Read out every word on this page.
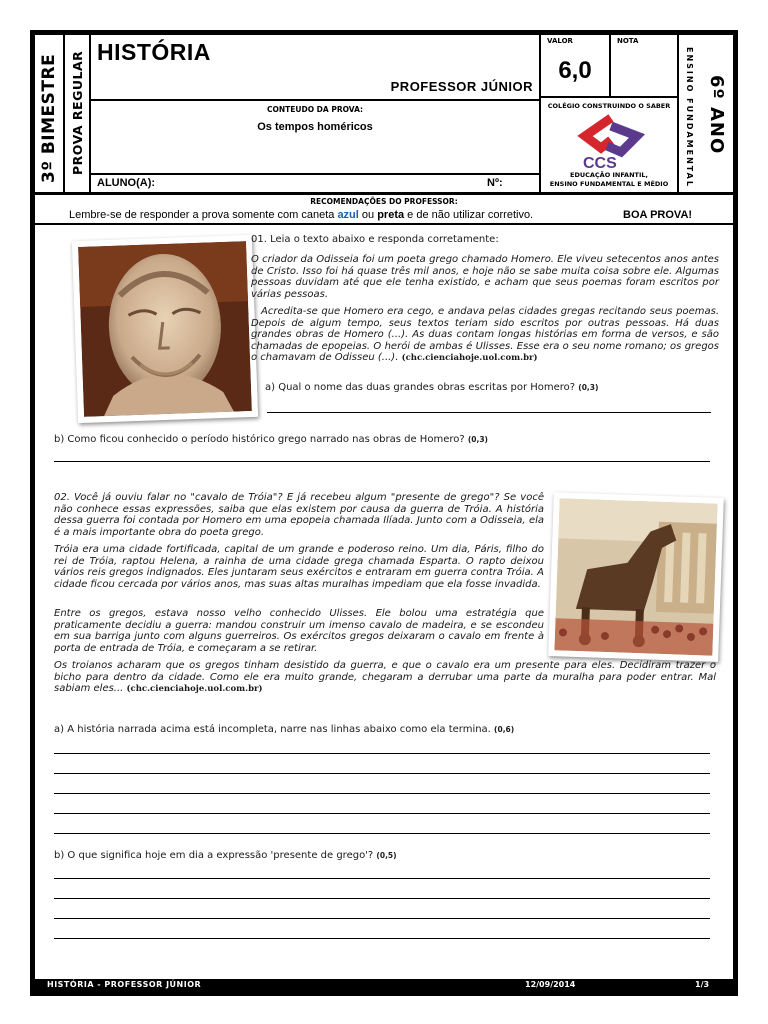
3º BIMESTRE PROVA REGULAR HISTÓRIA
PROFESSOR JÚNIOR
CONTEUDO DA PROVA:
Os tempos homéricos
ALUNO(A):	Nº:
VALOR
6,0
NOTA
COLÉGIO CONSTRUINDO O SABER
CCS
EDUCAÇÃO INFANTIL,
ENSINO FUNDAMENTAL E MÉDIO	ENSINO FUNDAMENTAL 6º ANO
RECOMENDAÇÕES DO PROFESSOR:
Lembre-se de responder a prova somente com caneta azul ou preta e de não utilizar corretivo.	BOA PROVA!
01. Leia o texto abaixo e responda corretamente:
O criador da Odisseia foi um poeta grego chamado Homero. Ele viveu setecentos anos antes de Cristo. Isso foi há quase três mil anos, e hoje não se sabe muita coisa sobre ele. Algumas pessoas duvidam até que ele tenha existido, e acham que seus poemas foram escritos por várias pessoas.
Acredita-se que Homero era cego, e andava pelas cidades gregas recitando seus poemas. Depois de algum tempo, seus textos teriam sido escritos por outras pessoas. Há duas grandes obras de Homero (...). As duas contam longas histórias em forma de versos, e são chamadas de epopeias. O herói de ambas é Ulisses. Esse era o seu nome romano; os gregos o chamavam de Odisseu (...). (chc.cienciahoje.uol.com.br)
a) Qual o nome das duas grandes obras escritas por Homero? (0,3)
b) Como ficou conhecido o período histórico grego narrado nas obras de Homero? (0,3)
02. Você já ouviu falar no "cavalo de Tróia"? E já recebeu algum "presente de grego"? Se você não conhece essas expressões, saiba que elas existem por causa da guerra de Tróia. A história dessa guerra foi contada por Homero em uma epopeia chamada Ilíada. Junto com a Odisseia, ela é a mais importante obra do poeta grego.
Tróia era uma cidade fortificada, capital de um grande e poderoso reino. Um dia, Páris, filho do rei de Tróia, raptou Helena, a rainha de uma cidade grega chamada Esparta. O rapto deixou vários reis gregos indignados. Eles juntaram seus exércitos e entraram em guerra contra Tróia. A cidade ficou cercada por vários anos, mas suas altas muralhas impediam que ela fosse invadida.
Entre os gregos, estava nosso velho conhecido Ulisses. Ele bolou uma estratégia que praticamente decidiu a guerra: mandou construir um imenso cavalo de madeira, e se escondeu em sua barriga junto com alguns guerreiros. Os exércitos gregos deixaram o cavalo em frente à porta de entrada de Tróia, e começaram a se retirar.
Os troianos acharam que os gregos tinham desistido da guerra, e que o cavalo era um presente para eles. Decidiram trazer o bicho para dentro da cidade. Como ele era muito grande, chegaram a derrubar uma parte da muralha para poder entrar. Mal sabiam eles... (chc.cienciahoje.uol.com.br)
a) A história narrada acima está incompleta, narre nas linhas abaixo como ela termina. (0,6)
b) O que significa hoje em dia a expressão 'presente de grego'? (0,5)
HISTÓRIA - PROFESSOR JÚNIOR	12/09/2014	1/3
